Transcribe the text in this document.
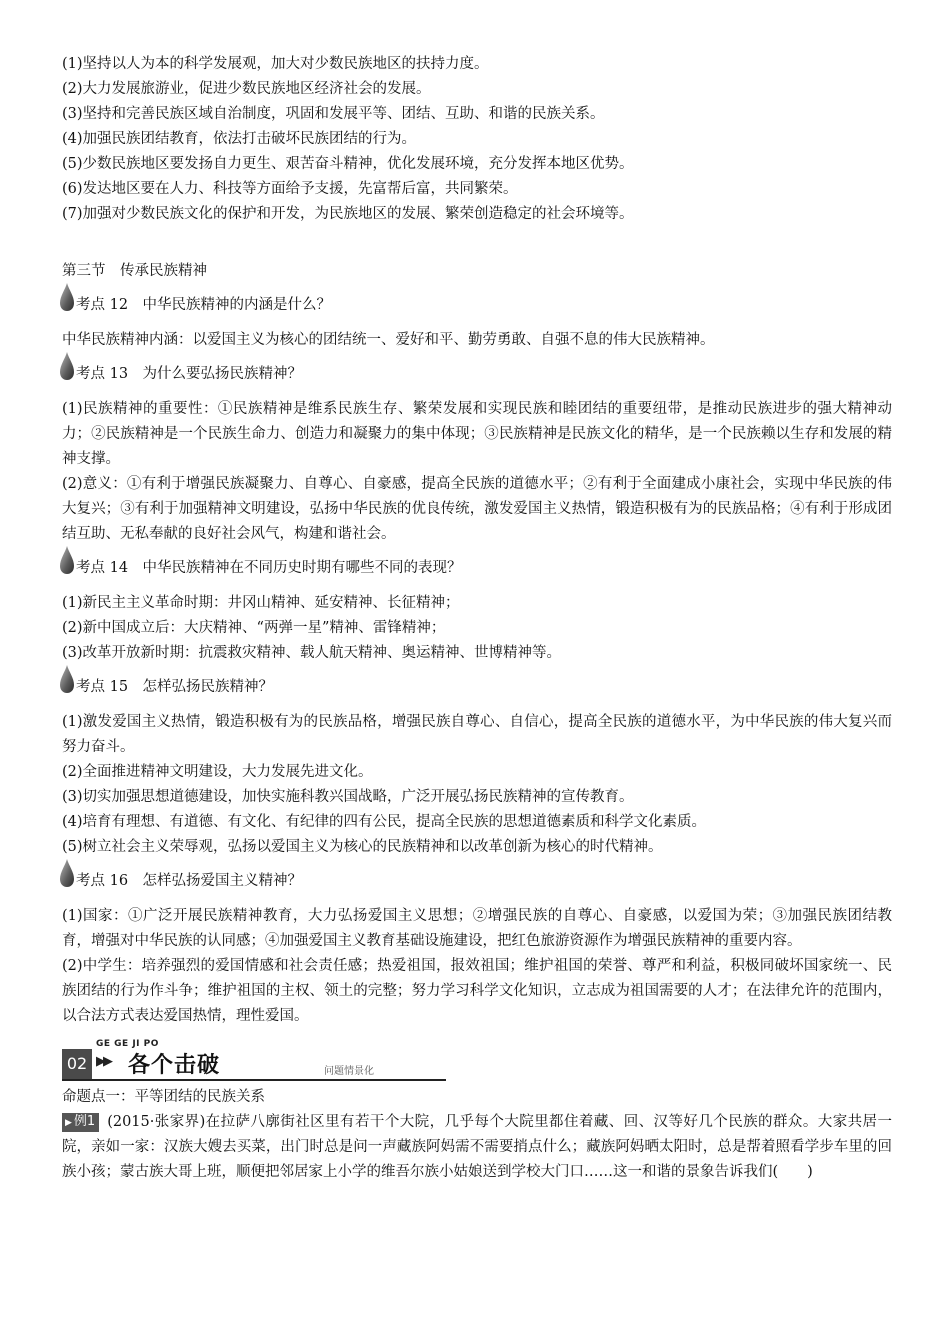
(1)坚持以人为本的科学发展观，加大对少数民族地区的扶持力度。

(2)大力发展旅游业，促进少数民族地区经济社会的发展。

(3)坚持和完善民族区域自治制度，巩固和发展平等、团结、互助、和谐的民族关系。

(4)加强民族团结教育，依法打击破坏民族团结的行为。

(5)少数民族地区要发扬自力更生、艰苦奋斗精神，优化发展环境，充分发挥本地区优势。

(6)发达地区要在人力、科技等方面给予支援，先富帮后富，共同繁荣。

(7)加强对少数民族文化的保护和开发，为民族地区的发展、繁荣创造稳定的社会环境等。

第三节　传承民族精神

考点 12　中华民族精神的内涵是什么？

中华民族精神内涵：以爱国主义为核心的团结统一、爱好和平、勤劳勇敢、自强不息的伟大民族精神。

考点 13　为什么要弘扬民族精神？

(1)民族精神的重要性：①民族精神是维系民族生存、繁荣发展和实现民族和睦团结的重要纽带，是推动民族进步的强大精神动力；②民族精神是一个民族生命力、创造力和凝聚力的集中体现；③民族精神是民族文化的精华，是一个民族赖以生存和发展的精神支撑。

(2)意义：①有利于增强民族凝聚力、自尊心、自豪感，提高全民族的道德水平；②有利于全面建成小康社会，实现中华民族的伟大复兴；③有利于加强精神文明建设，弘扬中华民族的优良传统，激发爱国主义热情，锻造积极有为的民族品格；④有利于形成团结互助、无私奉献的良好社会风气，构建和谐社会。

考点 14　中华民族精神在不同历史时期有哪些不同的表现？

(1)新民主主义革命时期：井冈山精神、延安精神、长征精神；

(2)新中国成立后：大庆精神、“两弹一星”精神、雷锋精神；

(3)改革开放新时期：抗震救灾精神、载人航天精神、奥运精神、世博精神等。

考点 15　怎样弘扬民族精神？

(1)激发爱国主义热情，锻造积极有为的民族品格，增强民族自尊心、自信心，提高全民族的道德水平，为中华民族的伟大复兴而努力奋斗。

(2)全面推进精神文明建设，大力发展先进文化。

(3)切实加强思想道德建设，加快实施科教兴国战略，广泛开展弘扬民族精神的宣传教育。

(4)培育有理想、有道德、有文化、有纪律的四有公民，提高全民族的思想道德素质和科学文化素质。

(5)树立社会主义荣辱观，弘扬以爱国主义为核心的民族精神和以改革创新为核心的时代精神。

考点 16　怎样弘扬爱国主义精神？

(1)国家：①广泛开展民族精神教育，大力弘扬爱国主义思想；②增强民族的自尊心、自豪感，以爱国为荣；③加强民族团结教育，增强对中华民族的认同感；④加强爱国主义教育基础设施建设，把红色旅游资源作为增强民族精神的重要内容。

(2)中学生：培养强烈的爱国情感和社会责任感；热爱祖国，报效祖国；维护祖国的荣誉、尊严和利益，积极同破坏国家统一、民族团结的行为作斗争；维护祖国的主权、领土的完整；努力学习科学文化知识，立志成为祖国需要的人才；在法律允许的范围内，以合法方式表达爱国热情，理性爱国。

02
GE GE JI PO
▶▶ 各个击破	问题情景化

命题点一：平等团结的民族关系

▶ 例1 (2015·张家界)在拉萨八廓街社区里有若干个大院，几乎每个大院里都住着藏、回、汉等好几个民族的群众。大家共居一院，亲如一家：汉族大嫂去买菜，出门时总是问一声藏族阿妈需不需要捎点什么；藏族阿妈晒太阳时，总是帮着照看学步车里的回族小孩；蒙古族大哥上班，顺便把邻居家上小学的维吾尔族小姑娘送到学校大门口……这一和谐的景象告诉我们(　　)
